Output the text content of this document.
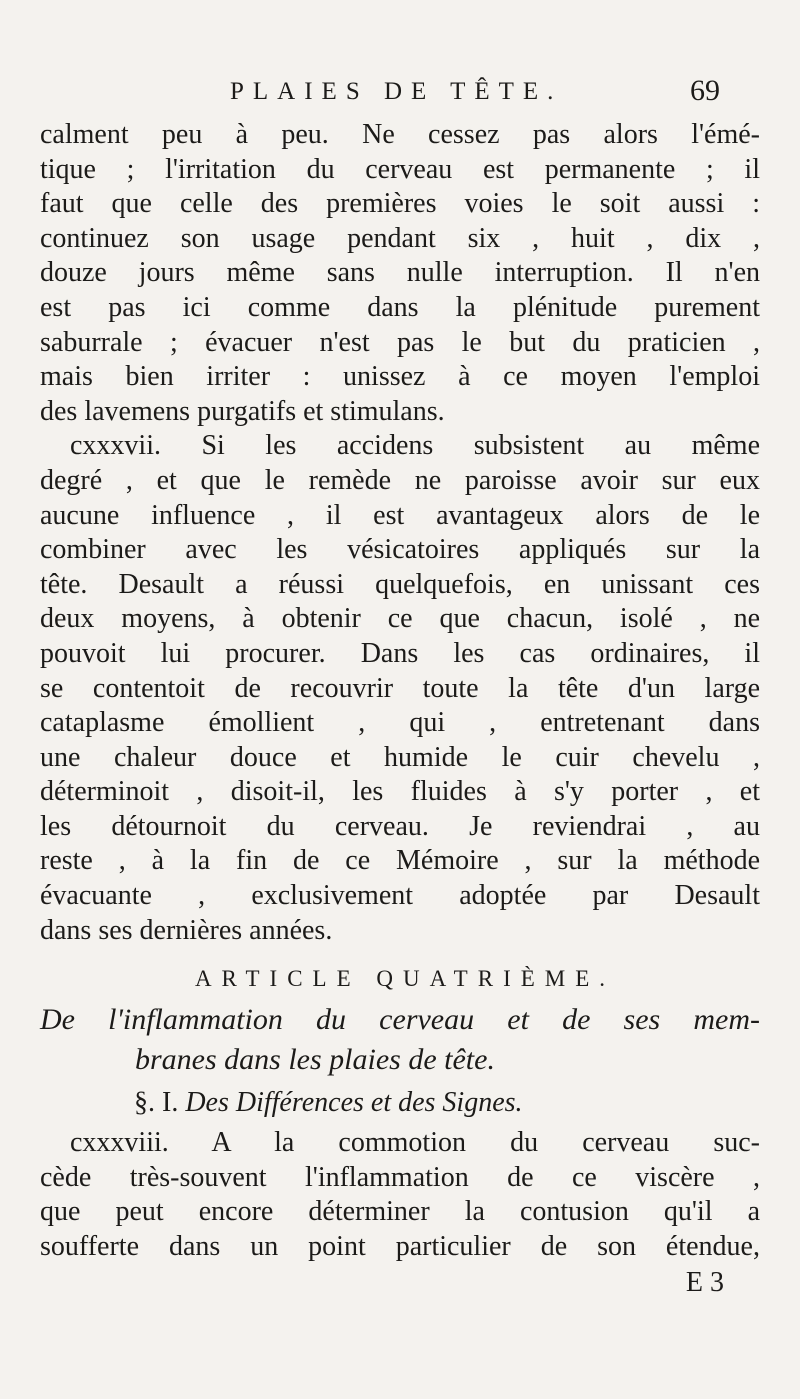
PLAIES DE TÊTE.	69
calment peu à peu. Ne cessez pas alors l'émé-
tique ; l'irritation du cerveau est permanente ; il
faut que celle des premières voies le soit aussi :
continuez son usage pendant six , huit , dix ,
douze jours même sans nulle interruption. Il n'en
est pas ici comme dans la plénitude purement
saburrale ; évacuer n'est pas le but du praticien ,
mais bien irriter : unissez à ce moyen l'emploi
des lavemens purgatifs et stimulans.
cxxxvii. Si les accidens subsistent au même
degré , et que le remède ne paroisse avoir sur eux
aucune influence , il est avantageux alors de le
combiner avec les vésicatoires appliqués sur la
tête. Desault a réussi quelquefois, en unissant ces
deux moyens, à obtenir ce que chacun, isolé , ne
pouvoit lui procurer. Dans les cas ordinaires, il
se contentoit de recouvrir toute la tête d'un large
cataplasme émollient , qui , entretenant dans
une chaleur douce et humide le cuir chevelu ,
déterminoit , disoit-il, les fluides à s'y porter , et
les détournoit du cerveau. Je reviendrai , au
reste , à la fin de ce Mémoire , sur la méthode
évacuante , exclusivement adoptée par Desault
dans ses dernières années.
ARTICLE QUATRIÈME.
De l'inflammation du cerveau et de ses mem-
branes dans les plaies de tête.
§. I. Des Différences et des Signes.
cxxxviii. A la commotion du cerveau suc-
cède très-souvent l'inflammation de ce viscère ,
que peut encore déterminer la contusion qu'il a
soufferte dans un point particulier de son étendue,
E 3
